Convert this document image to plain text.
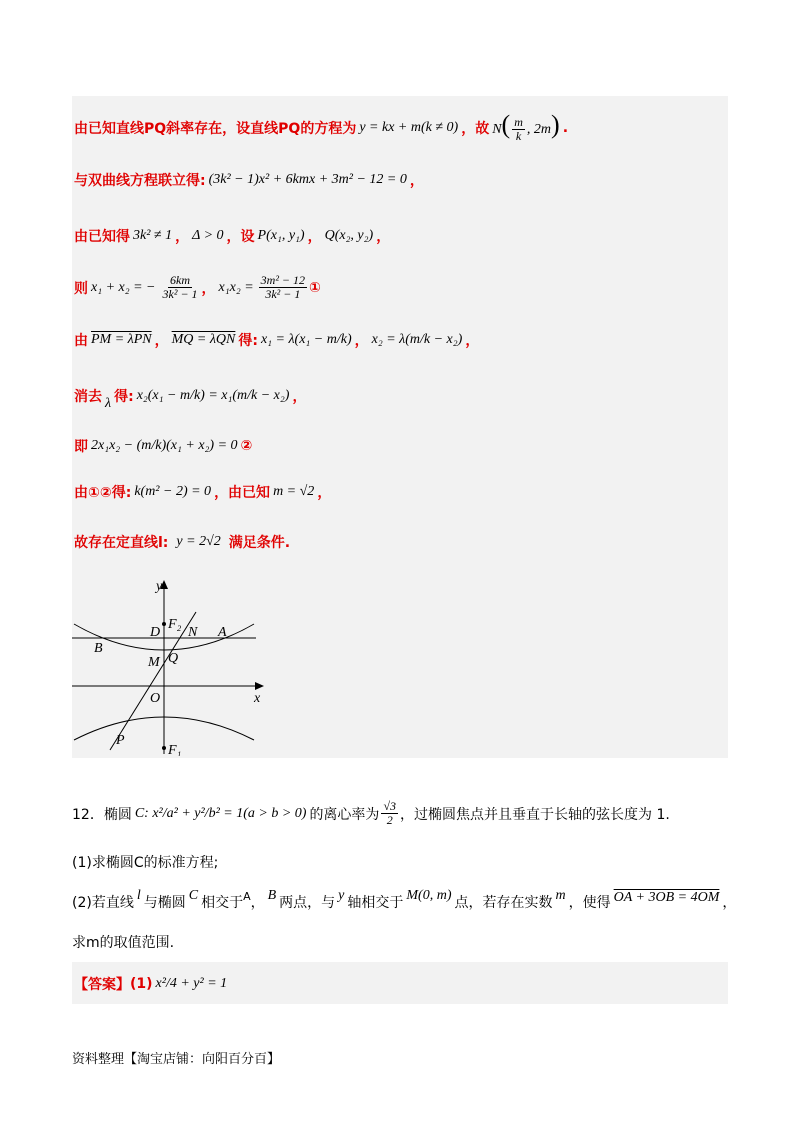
由已知直线PQ斜率存在，设直线PQ的方程为 y = kx + m(k ≠ 0) ，故 $N( \frac{m}{k}$ , 2m) .
与双曲线方程联立得: (3k² − 1)x² + 6kmx + 3m² − 12 = 0 ，
由已知得 3k² ≠ 1 ， Δ > 0 ，设 P(x₁, y₁) ， Q(x₂, y₂) ，
则 x₁ + x₂ = − $\frac{6km}{\text{3k² − 1}}$ ， $x_1x_2 = \frac{\text{3m² − 12}}{\text{3k² − 1}}$ ①
由 PM = λPN ， MQ = λQN 得: x₁ = λ(x₁ − m/k) ， x₂ = λ(m/k − x₂) ，
消去 λ 得: x₂(x₁ − m/k) = x₁(m/k − x₂) ，
即 2x₁x₂ − (m/k)(x₁ + x₂) = 0 ②
由①②得: k(m² − 2) = 0 ，由已知 m = √2 ，
故存在定直线l: y = 2√2 满足条件.
y
x
O
F₂
F₁
D N A
B
M Q
P
12．椭圆 C: x²/a² + y²/b² = 1(a > b > 0) 的离心率为 $\frac{√3}{2}$ ，过椭圆焦点并且垂直于长轴的弦长度为 1.
(1)求椭圆C的标准方程;
(2)若直线 l 与椭圆 C 相交于 A ， B 两点，与 y 轴相交于 M(0, m) 点，若存在实数 m ，使得 OA + 3OB = 4OM ，
求m的取值范围.
【答案】 (1) x²/4 + y² = 1
资料整理【淘宝店铺：向阳百分百】
